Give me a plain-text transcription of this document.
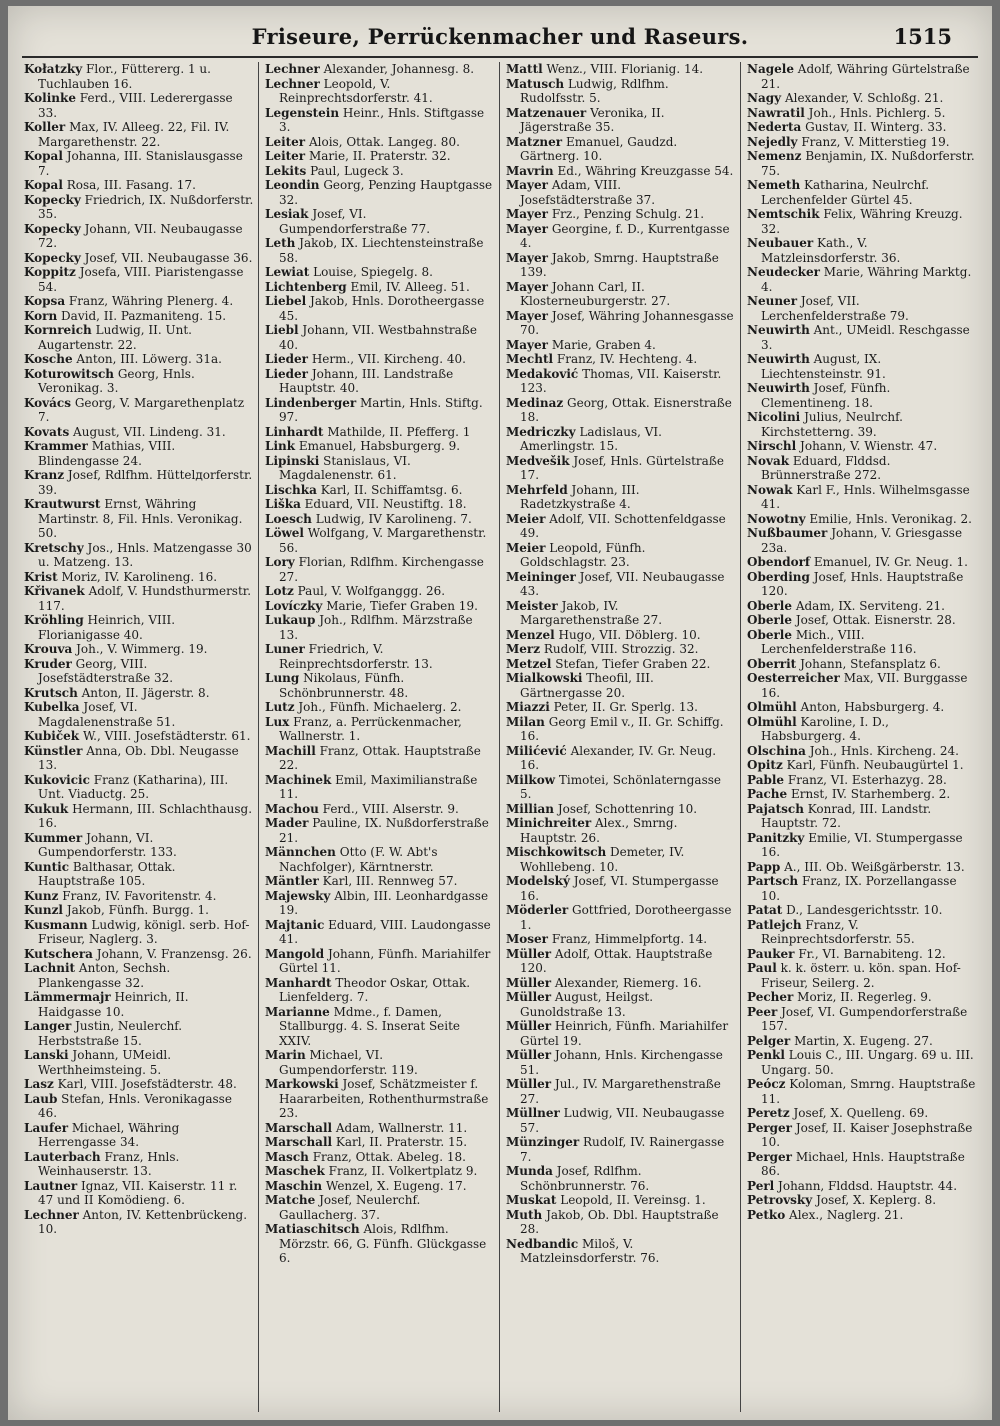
Friseure, Perrückenmacher und Raseurs.	1515
Kołatzky Flor., Füttererg. 1 u. Tuchlauben 16.
Kolinke Ferd., VIII. Lederergasse 33.
Koller Max, IV. Alleeg. 22, Fil. IV. Margarethenstr. 22.
Kopal Johanna, III. Stanislausgasse 7.
Kopal Rosa, III. Fasang. 17.
Kopecky Friedrich, IX. Nußdorferstr. 35.
Kopecky Johann, VII. Neubaugasse 72.
Kopecky Josef, VII. Neubaugasse 36.
Koppitz Josefa, VIII. Piaristengasse 54.
Kopsa Franz, Währing Plenerg. 4.
Korn David, II. Pazmaniteng. 15.
Kornreich Ludwig, II. Unt. Augartenstr. 22.
Kosche Anton, III. Löwerg. 31a.
Koturowitsch Georg, Hnls. Veronikag. 3.
Kovács Georg, V. Margarethenplatz 7.
Kovats August, VII. Lindeng. 31.
Krammer Mathias, VIII. Blindengasse 24.
Kranz Josef, Rdlfhm. Hüttelдorferstr. 39.
Krautwurst Ernst, Währing Martinstr. 8, Fil. Hnls. Veronikag. 50.
Kretschy Jos., Hnls. Matzengasse 30 u. Matzeng. 13.
Krist Moriz, IV. Karolineng. 16.
Křivanek Adolf, V. Hundsthurmerstr. 117.
Kröhling Heinrich, VIII. Florianigasse 40.
Krouva Joh., V. Wimmerg. 19.
Kruder Georg, VIII. Josefstädterstraße 32.
Krutsch Anton, II. Jägerstr. 8.
Kubelka Josef, VI. Magdalenenstraße 51.
Kubiček W., VIII. Josefstädterstr. 61.
Künstler Anna, Ob. Dbl. Neugasse 13.
Kukovicic Franz (Katharina), III. Unt. Viaductg. 25.
Kukuk Hermann, III. Schlachthausg. 16.
Kummer Johann, VI. Gumpendorferstr. 133.
Kuntic Balthasar, Ottak. Hauptstraße 105.
Kunz Franz, IV. Favoritenstr. 4.
Kunzl Jakob, Fünfh. Burgg. 1.
Kusmann Ludwig, königl. serb. Hof-Friseur, Naglerg. 3.
Kutschera Johann, V. Franzensg. 26.
Lachnit Anton, Sechsh. Plankengasse 32.
Lämmermajr Heinrich, II. Haidgasse 10.
Langer Justin, Neulerchf. Herbststraße 15.
Lanski Johann, UMeidl. Werthheimsteing. 5.
Lasz Karl, VIII. Josefstädterstr. 48.
Laub Stefan, Hnls. Veronikagasse 46.
Laufer Michael, Währing Herrengasse 34.
Lauterbach Franz, Hnls. Weinhauserstr. 13.
Lautner Ignaz, VII. Kaiserstr. 11 r. 47 und II Komödieng. 6.
Lechner Anton, IV. Kettenbrückeng. 10.
Lechner Alexander, Johannesg. 8.
Lechner Leopold, V. Reinprechtsdorferstr. 41.
Legenstein Heinr., Hnls. Stiftgasse 3.
Leiter Alois, Ottak. Langeg. 80.
Leiter Marie, II. Praterstr. 32.
Lekits Paul, Lugeck 3.
Leondin Georg, Penzing Hauptgasse 32.
Lesiak Josef, VI. Gumpendorferstraße 77.
Leth Jakob, IX. Liechtensteinstraße 58.
Lewiat Louise, Spiegelg. 8.
Lichtenberg Emil, IV. Alleeg. 51.
Liebel Jakob, Hnls. Dorotheergasse 45.
Liebl Johann, VII. Westbahnstraße 40.
Lieder Herm., VII. Kircheng. 40.
Lieder Johann, III. Landstraße Hauptstr. 40.
Lindenberger Martin, Hnls. Stiftg. 97.
Linhardt Mathilde, II. Pfefferg. 1
Link Emanuel, Habsburgerg. 9.
Lipinski Stanislaus, VI. Magdalenenstr. 61.
Lischka Karl, II. Schiffamtsg. 6.
Liška Eduard, VII. Neustiftg. 18.
Loesch Ludwig, IV Karolineng. 7.
Löwel Wolfgang, V. Margarethenstr. 56.
Lory Florian, Rdlfhm. Kirchengasse 27.
Lotz Paul, V. Wolfganggg. 26.
Lovíczky Marie, Tiefer Graben 19.
Lukaup Joh., Rdlfhm. Märzstraße 13.
Luner Friedrich, V. Reinprechtsdorferstr. 13.
Lung Nikolaus, Fünfh. Schönbrunnerstr. 48.
Lutz Joh., Fünfh. Michaelerg. 2.
Lux Franz, a. Perrückenmacher, Wallnerstr. 1.
Machill Franz, Ottak. Hauptstraße 22.
Machinek Emil, Maximilianstraße 11.
Machou Ferd., VIII. Alserstr. 9.
Mader Pauline, IX. Nußdorferstraße 21.
Männchen Otto (F. W. Abt's Nachfolger), Kärntnerstr.
Mäntler Karl, III. Rennweg 57.
Majewsky Albin, III. Leonhardgasse 19.
Majtanic Eduard, VIII. Laudongasse 41.
Mangold Johann, Fünfh. Mariahilfer Gürtel 11.
Manhardt Theodor Oskar, Ottak. Lienfelderg. 7.
Marianne Mdme., f. Damen, Stallburgg. 4. S. Inserat Seite XXIV.
Marin Michael, VI. Gumpendorferstr. 119.
Markowski Josef, Schätzmeister f. Haararbeiten, Rothenthurmstraße 23.
Marschall Adam, Wallnerstr. 11.
Marschall Karl, II. Praterstr. 15.
Masch Franz, Ottak. Abeleg. 18.
Maschek Franz, II. Volkertplatz 9.
Maschin Wenzel, X. Eugeng. 17.
Matche Josef, Neulerchf. Gaullacherg. 37.
Matiaschitsch Alois, Rdlfhm. Mörzstr. 66, G. Fünfh. Glückgasse 6.
Mattl Wenz., VIII. Florianig. 14.
Matusch Ludwig, Rdlfhm. Rudolfsstr. 5.
Matzenauer Veronika, II. Jägerstraße 35.
Matzner Emanuel, Gaudzd. Gärtnerg. 10.
Mavrin Ed., Währing Kreuzgasse 54.
Mayer Adam, VIII. Josefstädterstraße 37.
Mayer Frz., Penzing Schulg. 21.
Mayer Georgine, f. D., Kurrentgasse 4.
Mayer Jakob, Smrng. Hauptstraße 139.
Mayer Johann Carl, II. Klosterneuburgerstr. 27.
Mayer Josef, Währing Johannesgasse 70.
Mayer Marie, Graben 4.
Mechtl Franz, IV. Hechteng. 4.
Medaković Thomas, VII. Kaiserstr. 123.
Medinaz Georg, Ottak. Eisnerstraße 18.
Medriczky Ladislaus, VI. Amerlingstr. 15.
Medvešik Josef, Hnls. Gürtelstraße 17.
Mehrfeld Johann, III. Radetzkystraße 4.
Meier Adolf, VII. Schottenfeldgasse 49.
Meier Leopold, Fünfh. Goldschlagstr. 23.
Meininger Josef, VII. Neubaugasse 43.
Meister Jakob, IV. Margarethenstraße 27.
Menzel Hugo, VII. Döblerg. 10.
Merz Rudolf, VIII. Strozzig. 32.
Metzel Stefan, Tiefer Graben 22.
Mialkowski Theofil, III. Gärtnergasse 20.
Miazzi Peter, II. Gr. Sperlg. 13.
Milan Georg Emil v., II. Gr. Schiffg. 16.
Milićević Alexander, IV. Gr. Neug. 16.
Milkow Timotei, Schönlaterngasse 5.
Millian Josef, Schottenring 10.
Minichreiter Alex., Smrng. Hauptstr. 26.
Mischkowitsch Demeter, IV. Wohllebeng. 10.
Modelský Josef, VI. Stumpergasse 16.
Möderler Gottfried, Dorotheergasse 1.
Moser Franz, Himmelpfortg. 14.
Müller Adolf, Ottak. Hauptstraße 120.
Müller Alexander, Riemerg. 16.
Müller August, Heilgst. Gunoldstraße 13.
Müller Heinrich, Fünfh. Mariahilfer Gürtel 19.
Müller Johann, Hnls. Kirchengasse 51.
Müller Jul., IV. Margarethenstraße 27.
Müllner Ludwig, VII. Neubaugasse 57.
Münzinger Rudolf, IV. Rainergasse 7.
Munda Josef, Rdlfhm. Schönbrunnerstr. 76.
Muskat Leopold, II. Vereinsg. 1.
Muth Jakob, Ob. Dbl. Hauptstraße 28.
Nedbandic Miloš, V. Matzleinsdorferstr. 76.
Nagele Adolf, Währing Gürtelstraße 21.
Nagy Alexander, V. Schloßg. 21.
Nawratil Joh., Hnls. Pichlerg. 5.
Nederta Gustav, II. Winterg. 33.
Nejedly Franz, V. Mitterstieg 19.
Nemenz Benjamin, IX. Nußdorferstr. 75.
Nemeth Katharina, Neulrchf. Lerchenfelder Gürtel 45.
Nemtschik Felix, Währing Kreuzg. 32.
Neubauer Kath., V. Matzleinsdorferstr. 36.
Neudecker Marie, Währing Marktg. 4.
Neuner Josef, VII. Lerchenfelderstraße 79.
Neuwirth Ant., UMeidl. Reschgasse 3.
Neuwirth August, IX. Liechtensteinstr. 91.
Neuwirth Josef, Fünfh. Clementineng. 18.
Nicolini Julius, Neulrchf. Kirchstetterng. 39.
Nirschl Johann, V. Wienstr. 47.
Novak Eduard, Flddsd. Brünnerstraße 272.
Nowak Karl F., Hnls. Wilhelmsgasse 41.
Nowotny Emilie, Hnls. Veronikag. 2.
Nußbaumer Johann, V. Griesgasse 23a.
Obendorf Emanuel, IV. Gr. Neug. 1.
Oberding Josef, Hnls. Hauptstraße 120.
Oberle Adam, IX. Serviteng. 21.
Oberle Josef, Ottak. Eisnerstr. 28.
Oberle Mich., VIII. Lerchenfelderstraße 116.
Oberrit Johann, Stefansplatz 6.
Oesterreicher Max, VII. Burggasse 16.
Olmühl Anton, Habsburgerg. 4.
Olmühl Karoline, I. D., Habsburgerg. 4.
Olschina Joh., Hnls. Kircheng. 24.
Opitz Karl, Fünfh. Neubaugürtel 1.
Pable Franz, VI. Esterhazyg. 28.
Pache Ernst, IV. Starhemberg. 2.
Pajatsch Konrad, III. Landstr. Hauptstr. 72.
Panitzky Emilie, VI. Stumpergasse 16.
Papp A., III. Ob. Weißgärberstr. 13.
Partsch Franz, IX. Porzellangasse 10.
Patat D., Landesgerichtsstr. 10.
Patlejch Franz, V. Reinprechtsdorferstr. 55.
Pauker Fr., VI. Barnabiteng. 12.
Paul k. k. österr. u. kön. span. Hof-Friseur, Seilerg. 2.
Pecher Moriz, II. Regerleg. 9.
Peer Josef, VI. Gumpendorferstraße 157.
Pelger Martin, X. Eugeng. 27.
Penkl Louis C., III. Ungarg. 69 u. III. Ungarg. 50.
Peócz Koloman, Smrng. Hauptstraße 11.
Peretz Josef, X. Quelleng. 69.
Perger Josef, II. Kaiser Josephstraße 10.
Perger Michael, Hnls. Hauptstraße 86.
Perl Johann, Flddsd. Hauptstr. 44.
Petrovsky Josef, X. Keplerg. 8.
Petko Alex., Naglerg. 21.
